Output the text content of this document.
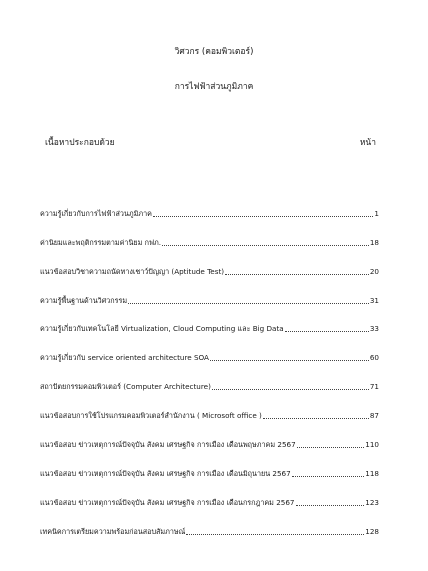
วิศวกร (คอมพิวเตอร์)
การไฟฟ้าส่วนภูมิภาค
เนื้อหาประกอบด้วย	หน้า
ความรู้เกี่ยวกับการไฟฟ้าส่วนภูมิภาค	1
ค่านิยมและพฤติกรรมตามค่านิยม กฟภ.	18
แนวข้อสอบวิชาความถนัดทางเชาว์ปัญญา (Aptitude Test)	20
ความรู้พื้นฐานด้านวิศวกรรม	31
ความรู้เกี่ยวกับเทคโนโลยี Virtualization, Cloud Computing และ Big Data	33
ความรู้เกี่ยวกับ service oriented architecture SOA	60
สถาปัตยกรรมคอมพิวเตอร์ (Computer Architecture)	71
แนวข้อสอบการใช้โปรแกรมคอมพิวเตอร์สำนักงาน ( Microsoft office )	87
แนวข้อสอบ ข่าวเหตุการณ์ปัจจุบัน สังคม เศรษฐกิจ การเมือง เดือนพฤษภาคม 2567	110
แนวข้อสอบ ข่าวเหตุการณ์ปัจจุบัน สังคม เศรษฐกิจ การเมือง เดือนมิถุนายน 2567	118
แนวข้อสอบ ข่าวเหตุการณ์ปัจจุบัน สังคม เศรษฐกิจ การเมือง เดือนกรกฎาคม 2567	123
เทคนิคการเตรียมความพร้อมก่อนสอบสัมภาษณ์	128
